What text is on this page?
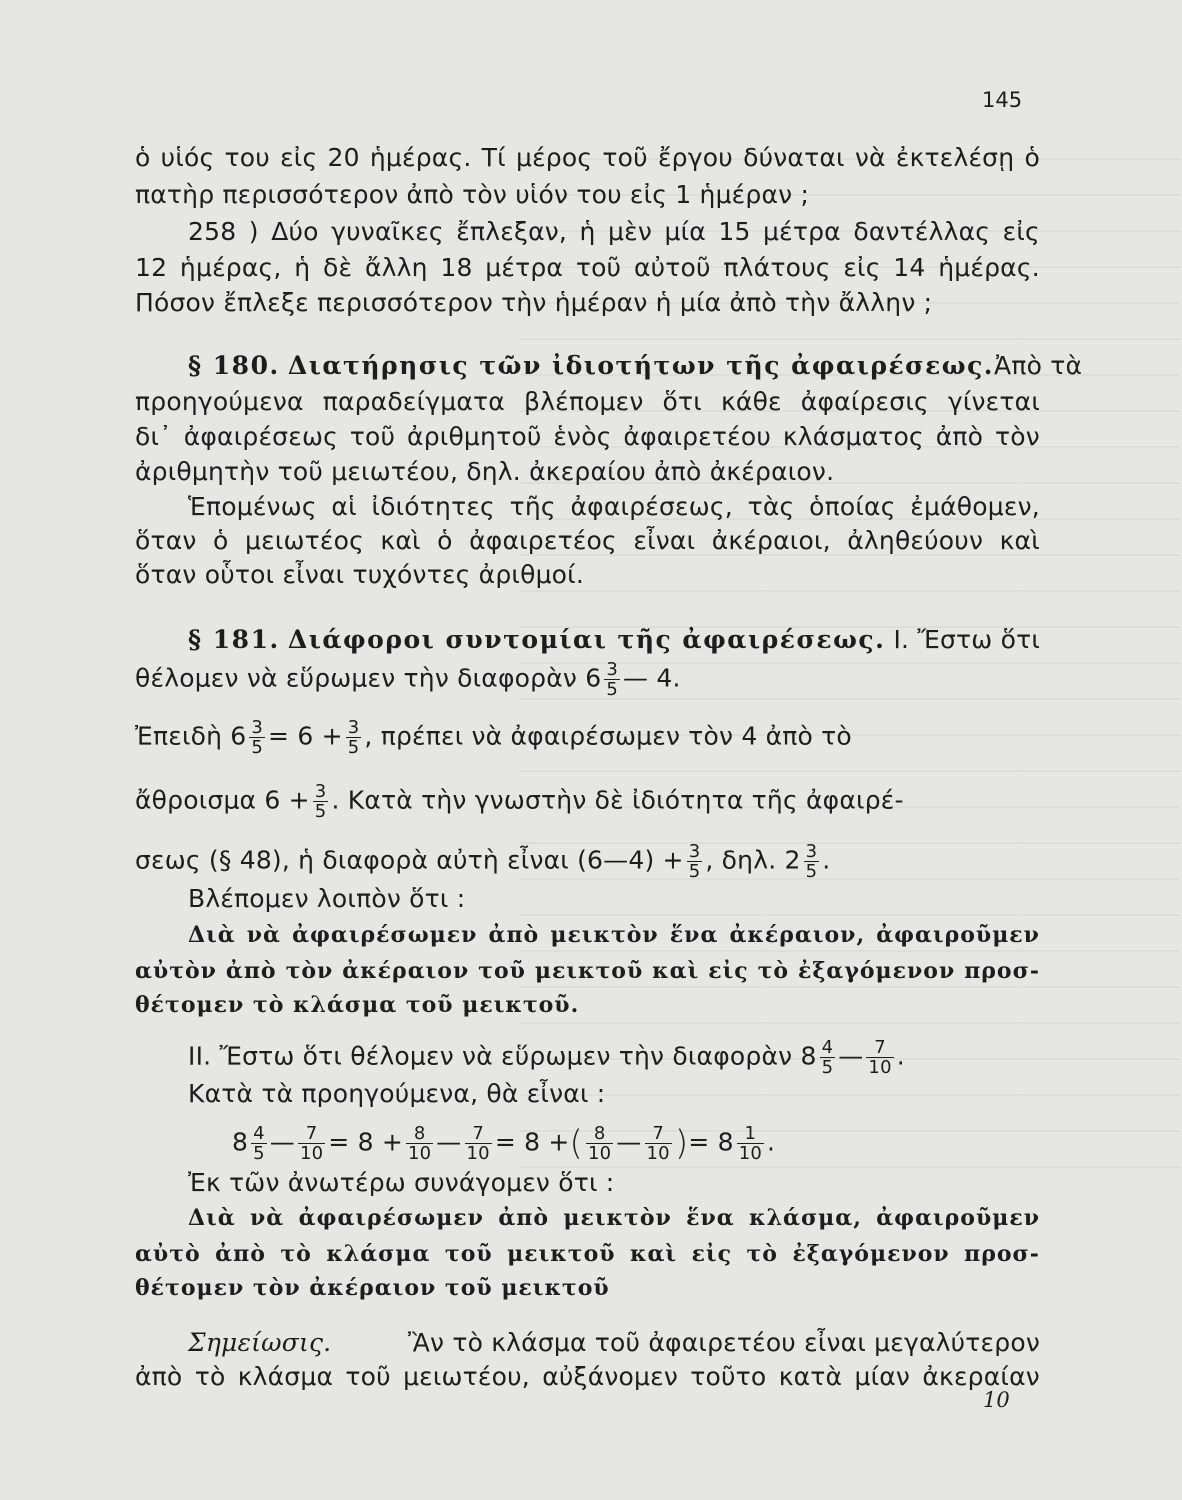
145
ὁ υἱός του εἰς 20 ἡμέρας. Τί μέρος τοῦ ἔργου δύναται νὰ ἐκτελέσῃ ὁ
πατὴρ περισσότερον ἀπὸ τὸν υἱόν του εἰς 1 ἡμέραν ;
258 ) Δύο γυναῖκες ἔπλεξαν, ἡ μὲν μία 15 μέτρα δαντέλλας εἰς
12 ἡμέρας, ἡ δὲ ἄλλη 18 μέτρα τοῦ αὐτοῦ πλάτους εἰς 14 ἡμέρας.
Πόσον ἔπλεξε περισσότερον τὴν ἡμέραν ἡ μία ἀπὸ τὴν ἄλλην ;
§ 180. Διατήρησις τῶν ἰδιοτήτων τῆς ἀφαιρέσεως. Ἀπὸ τὰ
προηγούμενα παραδείγματα βλέπομεν ὅτι κάθε ἀφαίρεσις γίνεται
δι᾽ ἀφαιρέσεως τοῦ ἀριθμητοῦ ἑνὸς ἀφαιρετέου κλάσματος ἀπὸ τὸν
ἀριθμητὴν τοῦ μειωτέου, δηλ. ἀκεραίου ἀπὸ ἀκέραιον.
Ἑπομένως αἱ ἰδιότητες τῆς ἀφαιρέσεως, τὰς ὁποίας ἐμάθομεν,
ὅταν ὁ μειωτέος καὶ ὁ ἀφαιρετέος εἶναι ἀκέραιοι, ἀληθεύουν καὶ
ὅταν οὗτοι εἶναι τυχόντες ἀριθμοί.
§ 181. Διάφοροι συντομίαι τῆς ἀφαιρέσεως. Ι. Ἔστω ὅτι
θέλομεν νὰ εὕρωμεν τὴν διαφορὰν $6 \frac{3}{5}$ — 4.
Ἐπειδὴ $6 \frac{3}{5} = 6 + \frac{3}{5}$ , πρέπει νὰ ἀφαιρέσωμεν τὸν 4 ἀπὸ τὸ
ἄθροισμα $6 + \frac{3}{5}$ . Κατὰ τὴν γνωστὴν δὲ ἰδιότητα τῆς ἀφαιρέ-
σεως (§ 48), ἡ διαφορὰ αὐτὴ εἶναι (6—4) + $\frac{3}{5}$ , δηλ. $2 \frac{3}{5}$ .
Βλέπομεν λοιπὸν ὅτι :
Διὰ νὰ ἀφαιρέσωμεν ἀπὸ μεικτὸν ἕνα ἀκέραιον, ἀφαιροῦμεν
αὐτὸν ἀπὸ τὸν ἀκέραιον τοῦ μεικτοῦ καὶ εἰς τὸ ἐξαγόμενον προσ-
θέτομεν τὸ κλάσμα τοῦ μεικτοῦ.
ΙΙ. Ἔστω ὅτι θέλομεν νὰ εὕρωμεν τὴν διαφορὰν $8 \frac{4}{5}$ — $\frac{7}{10}$ .
Κατὰ τὰ προηγούμενα, θὰ εἶναι :
$8 \frac{4}{5}$ — $\frac{7}{10} = 8 + \frac{8}{10}$ — $\frac{7}{10} = 8$ +( $\frac{8}{10}$ — $\frac{7}{10}$ )= $8 \frac{1}{10}$ .
Ἐκ τῶν ἀνωτέρω συνάγομεν ὅτι :
Διὰ νὰ ἀφαιρέσωμεν ἀπὸ μεικτὸν ἕνα κλάσμα, ἀφαιροῦμεν
αὐτὸ ἀπὸ τὸ κλάσμα τοῦ μεικτοῦ καὶ εἰς τὸ ἐξαγόμενον προσ-
θέτομεν τὸν ἀκέραιον τοῦ μεικτοῦ
Σημείωσις.	Ἂν τὸ κλάσμα τοῦ ἀφαιρετέου εἶναι μεγαλύτερον
ἀπὸ τὸ κλάσμα τοῦ μειωτέου, αὐξάνομεν τοῦτο κατὰ μίαν ἀκεραίαν
10
